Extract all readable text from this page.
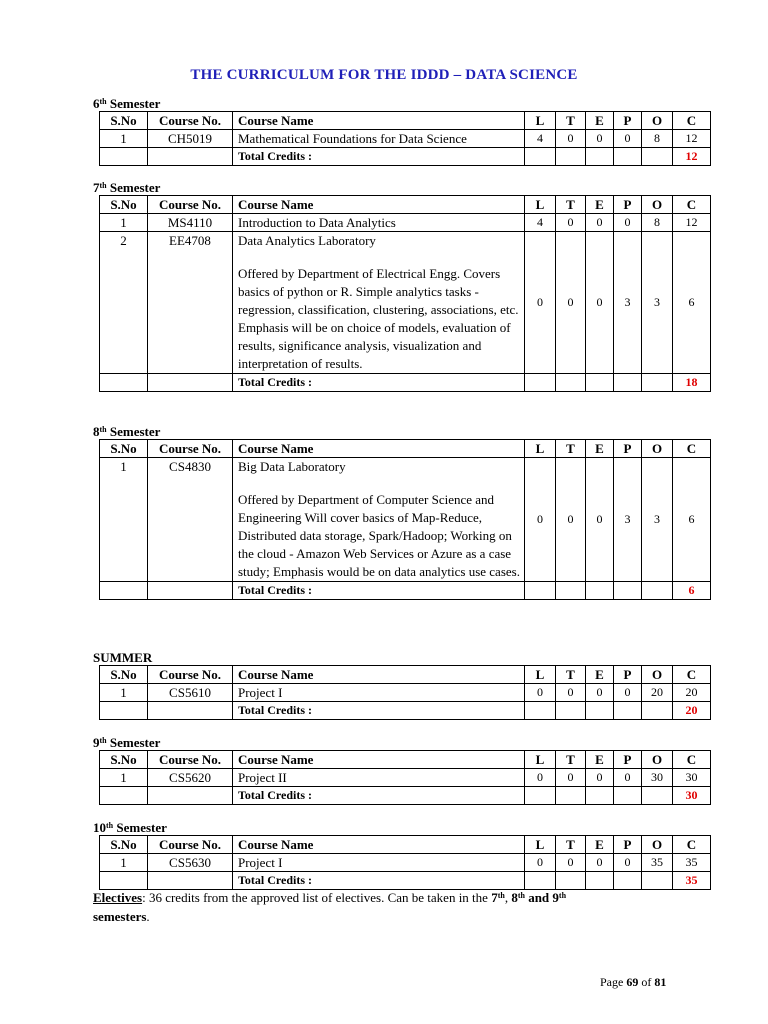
THE CURRICULUM FOR THE IDDD – DATA SCIENCE
6th Semester
S.No	Course No.	Course Name	L	T	E	P	O	C
1	CH5019	Mathematical Foundations for Data Science	4	0	0	0	8	12
		Total Credits :						12
7th Semester
S.No	Course No.	Course Name	L	T	E	P	O	C
1	MS4110	Introduction to Data Analytics	4	0	0	0	8	12
2	EE4708	Data Analytics Laboratory
Offered by Department of Electrical Engg. Covers basics of python or R. Simple analytics tasks - regression, classification, clustering, associations, etc. Emphasis will be on choice of models, evaluation of results, significance analysis, visualization and interpretation of results.	0	0	0	3	3	6
		Total Credits :						18
8th Semester
S.No	Course No.	Course Name	L	T	E	P	O	C
1	CS4830	Big Data Laboratory
Offered by Department of Computer Science and Engineering Will cover basics of Map-Reduce, Distributed data storage, Spark/Hadoop; Working on the cloud - Amazon Web Services or Azure as a case study; Emphasis would be on data analytics use cases.	0	0	0	3	3	6
		Total Credits :						6
SUMMER
S.No	Course No.	Course Name	L	T	E	P	O	C
1	CS5610	Project I	0	0	0	0	20	20
		Total Credits :						20
9th Semester
S.No	Course No.	Course Name	L	T	E	P	O	C
1	CS5620	Project II	0	0	0	0	30	30
		Total Credits :						30
10th Semester
S.No	Course No.	Course Name	L	T	E	P	O	C
1	CS5630	Project I	0	0	0	0	35	35
		Total Credits :						35
Electives: 36 credits from the approved list of electives. Can be taken in the 7th, 8th and 9th
semesters.
Page 69 of 81
